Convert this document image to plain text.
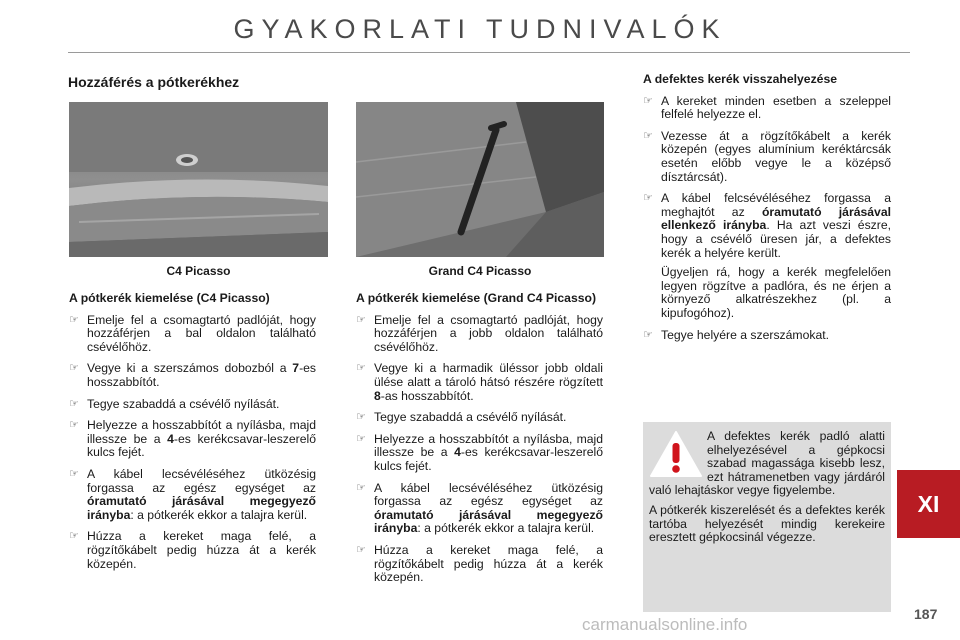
GYAKORLATI TUDNIVALÓK
Hozzáférés a pótkerékhez
C4 Picasso	Grand C4 Picasso
A pótkerék kiemelése (C4 Picasso)
☞ Emelje fel a csomagtartó padlóját, hogy hozzáférjen a bal oldalon található csévélőhöz.
☞ Vegye ki a szerszámos dobozból a 7-es hosszabbítót.
☞ Tegye szabaddá a csévélő nyílását.
☞ Helyezze a hosszabbítót a nyílásba, majd illessze be a 4-es kerékcsavar-leszerelő kulcs fejét.
☞ A kábel lecsévéléséhez ütközésig forgassa az egész egységet az óramutató járásával megegyező irányba: a pótkerék ekkor a talajra kerül.
☞ Húzza a kereket maga felé, a rögzítőkábelt pedig húzza át a kerék közepén.
A pótkerék kiemelése (Grand C4 Picasso)
☞ Emelje fel a csomagtartó padlóját, hogy hozzáférjen a jobb oldalon található csévélőhöz.
☞ Vegye ki a harmadik üléssor jobb oldali ülése alatt a tároló hátsó részére rögzített 8-as hosszabbítót.
☞ Tegye szabaddá a csévélő nyílását.
☞ Helyezze a hosszabbítót a nyílásba, majd illessze be a 4-es kerékcsavar-leszerelő kulcs fejét.
☞ A kábel lecsévéléséhez ütközésig forgassa az egész egységet az óramutató járásával megegyező irányba: a pótkerék ekkor a talajra kerül.
☞ Húzza a kereket maga felé, a rögzítőkábelt pedig húzza át a kerék közepén.
A defektes kerék visszahelyezése
☞ A kereket minden esetben a szeleppel felfelé helyezze el.
☞ Vezesse át a rögzítőkábelt a kerék közepén (egyes alumínium keréktárcsák esetén előbb vegye le a középső dísztárcsát).
☞ A kábel felcsévéléséhez forgassa a meghajtót az óramutató járásával ellenkező irányba. Ha azt veszi észre, hogy a csévélő üresen jár, a defektes kerék a helyére került.
Ügyeljen rá, hogy a kerék megfelelően legyen rögzítve a padlóra, és ne érjen a környező alkatrészekhez (pl. a kipufogóhoz).
☞ Tegye helyére a szerszámokat.

A defektes kerék padló alatti elhelyezésével a gépkocsi szabad magassága kisebb lesz, ezt hátramenetben vagy járdáról való lehajtáskor vegye figyelembe.

A pótkerék kiszerelését és a defektes kerék tartóba helyezését mindig kerekeire eresztett gépkocsinál végezze.

XI
187
carmanualsonline.info
